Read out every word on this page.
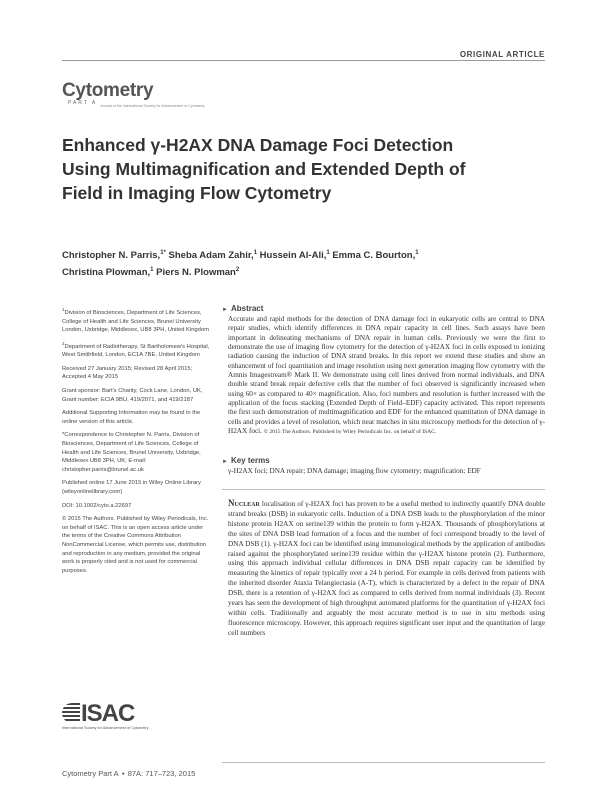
ORIGINAL ARTICLE
Cytometry
PART A Journal of the International Society for Advancement of Cytometry
Enhanced γ-H2AX DNA Damage Foci Detection Using Multimagnification and Extended Depth of Field in Imaging Flow Cytometry
Christopher N. Parris,$^{1*}$ Sheba Adam Zahir,$^1$ Hussein Al-Ali,$^1$ Emma C. Bourton,$^1$
Christina Plowman,$^1$ Piers N. Plowman$^2$

$^1$Division of Biosciences, Department of Life Sciences, College of Health and Life Sciences, Brunel University London, Uxbridge, Middlesex, UB8 3PH, United Kingdom

$^2$Department of Radiotherapy, St Bartholomew's Hospital, West Smithfield, London, EC1A 7BE, United Kingdom

Received 27 January 2015; Revised 28 April 2015; Accepted 4 May 2015

Grant sponsor: Bart's Charity, Cock Lane, London, UK, Grant number: ECIA 9BU, 419/2071, and 419/2187

Additional Supporting Information may be found in the online version of this article.

*Correspondence to Christopher N. Parris, Division of Biosciences, Department of Life Sciences, College of Health and Life Sciences, Brunel University, Uxbridge, Middlesex UB8 3PH, UK; E-mail: christopher.parris@brunel.ac.uk

Published online 17 June 2015 in Wiley Online Library (wileyonlinelibrary.com)

DOI: 10.1002/cyto.a.22697

© 2015 The Authors. Published by Wiley Periodicals, Inc. on behalf of ISAC. This is an open access article under the terms of the Creative Commons Attribution NonCommercial License, which permits use, distribution and reproduction in any medium, provided the original work is properly cited and is not used for commercial purposes.

► Abstract

Accurate and rapid methods for the detection of DNA damage foci in eukaryotic cells are central to DNA repair studies, which identify differences in DNA repair capacity in cell lines. Such assays have been important in delineating mechanisms of DNA repair in human cells. Previously we were the first to demonstrate the use of imaging flow cytometry for the detection of γ-H2AX foci in cells exposed to ionizing radiation causing the induction of DNA strand breaks. In this report we extend these studies and show an enhancement of foci quantitation and image resolution using next generation imaging flow cytometry with the Amnis Imagestream® Mark II. We demonstrate using cell lines derived from normal individuals, and DNA double strand break repair defective cells that the number of foci observed is significantly increased when using 60× as compared to 40× magnification. Also, foci numbers and resolution is further increased with the application of the focus stacking (Extended Depth of Field–EDF) capacity activated. This report represents the first such demonstration of multimagnification and EDF for the enhanced quantitation of DNA damage in cells and provides a level of resolution, which near matches in situ microscopy methods for the detection of γ-H2AX foci. © 2015 The Authors. Published by Wiley Periodicals Inc. on behalf of ISAC.

► Key terms

γ-H2AX foci; DNA repair; DNA damage; imaging flow cytometry; magnification; EDF

Nuclear localisation of γ-H2AX foci has proven to be a useful method to indirectly quantify DNA double strand breaks (DSB) in eukaryotic cells. Induction of a DNA DSB leads to the phosphorylation of the minor histone protein H2AX on serine139 within the protein to form γ-H2AX. Thousands of phosphorylations at the sites of DNA DSB lead formation of a focus and the number of foci correspond broadly to the level of DNA DSB (1). γ-H2AX foci can be identified using immunological methods by the application of antibodies raised against the phosphorylated serine139 residue within the γ-H2AX histone protein (2). Furthermore, using this approach individual cellular differences in DNA DSB repair capacity can be identified by measuring the kinetics of repair typically over a 24 h period. For example in cells derived from patients with the inherited disorder Ataxia Telangiectasia (A-T), which is characterized by a defect in the repair of DNA DSB, there is a retention of γ-H2AX foci as compared to cells derived from normal individuals (3). Recent years has seen the development of high throughput automated platforms for the quantitation of γ-H2AX foci within cells. Traditionally and arguably the most accurate method is to use in situ methods using fluorescence microscopy. However, this approach requires significant user input and the quantitation of large cell numbers

ISAC
International Society for Advancement of Cytometry
Cytometry Part A ● 87A: 717–723, 2015
